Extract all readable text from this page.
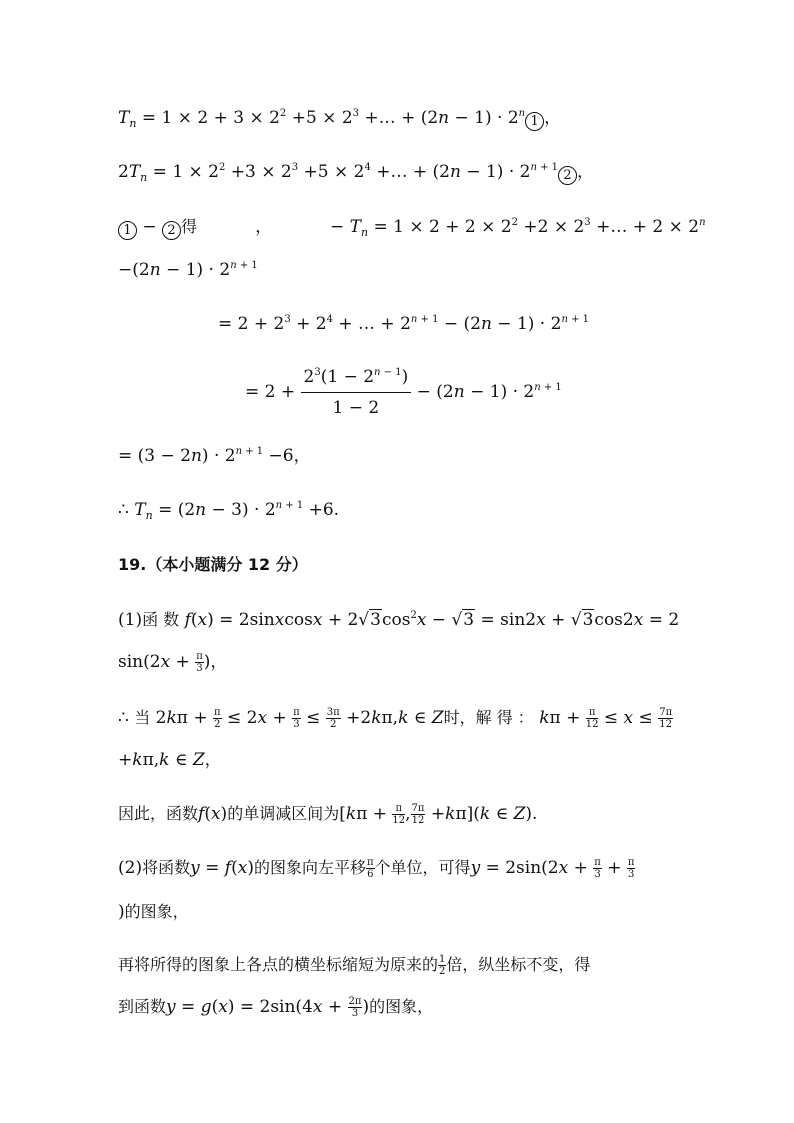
$T_n = 1 \times 2 + 3 \times 2^2 +5 \times 2^3$ +… + $(2n - 1) \cdot 2^n1$ ，
$2T_n = 1 \times 2^2 +3 \times 2^3 +5 \times 2^4$ +… + $(2n - 1) \cdot 2^{n + 1}2$ ，
1 − 2 得	，	− $T_n = 1 \times 2 + 2 \times 2^2 +2 \times 2^3$ +… + $2 \times 2^n$
$-(2n - 1) \cdot 2^{n + 1}$
= $2 + 2^3 + 2^4$ + … + $2^{n + 1} - (2n - 1) \cdot 2^{n + 1}$
= $2 + \frac{2^3(1 - 2^{n - 1})}{1 - 2} - (2n - 1) \cdot 2^{n + 1}$
= $(3 - 2n) \cdot 2^{n + 1} -6$，
∴ $T_n = (2n - 3) \cdot 2^{n + 1} +6$.
19.（本小题满分 12 分）
(1)函 数 f(x) = 2sinxcosx + $2√3\cos^2x - √3 = \sin 2x + √3\cos 2x = 2$
$\sin(2x + \frac{\pi}{3}$ )，
∴ 当 $2k\pi + \frac{\pi}{2} \le 2x + \frac{\pi}{3} \le \frac{3\pi}{2} +2k\pi,k$ ∈ Z时，解 得 ： $k\pi + \frac{\pi}{12} \le x \le \frac{7\pi}{12}$
+kπ,k ∈ Z，
因此，函数f(x)的单调减区间为[$k\pi + \frac{\pi}{12}$ , $\frac{7\pi}{12} +k\pi](k$ ∈ Z).
(2)将函数y = f(x)的图象向左平移 $\frac{\pi}{6}$ 个单位，可得$y = 2\sin(2x + \frac{\pi}{3} + \frac{\pi}{3}$
)的图象，
再将所得的图象上各点的横坐标缩短为原来的 $\frac{1}{2}$ 倍，纵坐标不变，得
到函数$y = g(x) = 2\sin(4x + \frac{2\pi}{3}$ )的图象，
